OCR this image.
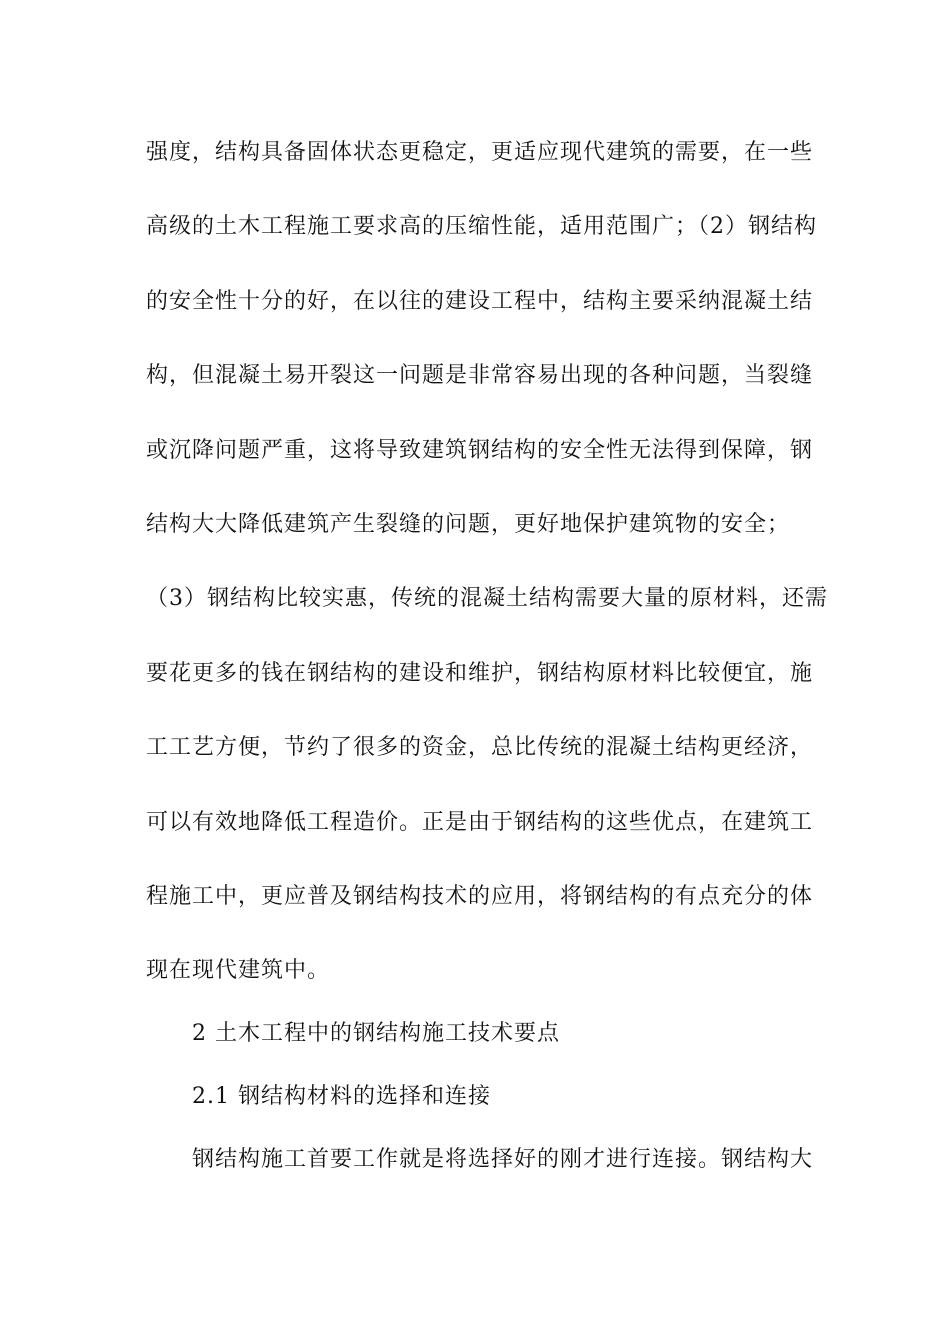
强度，结构具备固体状态更稳定，更适应现代建筑的需要，在一些
高级的土木工程施工要求高的压缩性能，适用范围广；（2）钢结构
的安全性十分的好，在以往的建设工程中，结构主要采纳混凝土结
构，但混凝土易开裂这一问题是非常容易出现的各种问题，当裂缝
或沉降问题严重，这将导致建筑钢结构的安全性无法得到保障，钢
结构大大降低建筑产生裂缝的问题，更好地保护建筑物的安全；
（3）钢结构比较实惠，传统的混凝土结构需要大量的原材料，还需
要花更多的钱在钢结构的建设和维护，钢结构原材料比较便宜，施
工工艺方便，节约了很多的资金，总比传统的混凝土结构更经济，
可以有效地降低工程造价。正是由于钢结构的这些优点，在建筑工
程施工中，更应普及钢结构技术的应用，将钢结构的有点充分的体
现在现代建筑中。
2 土木工程中的钢结构施工技术要点
2.1 钢结构材料的选择和连接
钢结构施工首要工作就是将选择好的刚才进行连接。钢结构大
